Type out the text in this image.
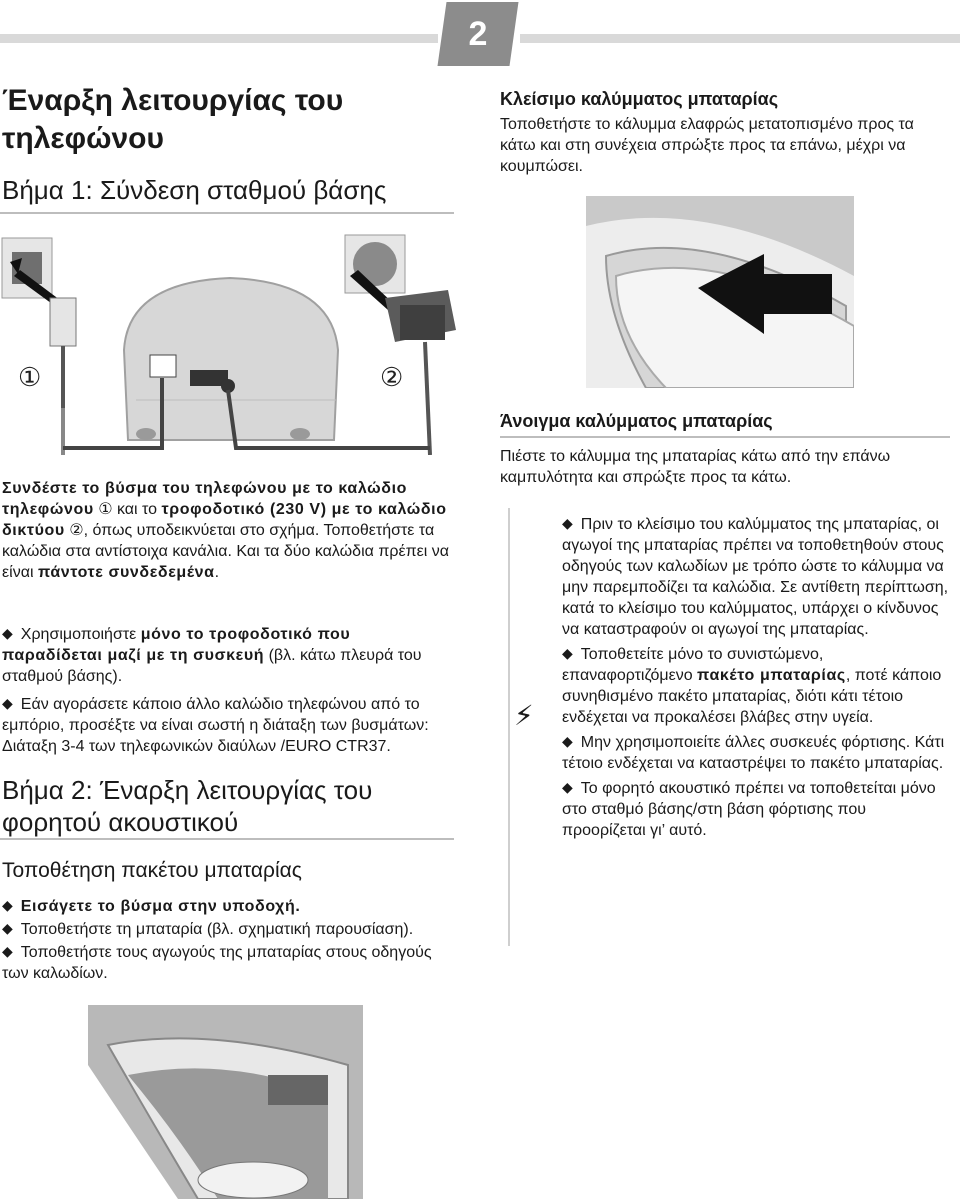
2
Έναρξη λειτουργίας του τηλεφώνου
Βήμα 1: Σύνδεση σταθμού βάσης
①	②
Συνδέστε το βύσμα του τηλεφώνου με το καλώδιο τηλεφώνου ① και το τροφοδοτικό (230 V) με το καλώδιο δικτύου ②, όπως υποδεικνύεται στο σχήμα. Τοποθετήστε τα καλώδια στα αντίστοιχα κανάλια. Και τα δύο καλώδια πρέπει να είναι πάντοτε συνδεδεμένα.
◆ Χρησιμοποιήστε μόνο το τροφοδοτικό που παραδίδεται μαζί με τη συσκευή (βλ. κάτω πλευρά του σταθμού βάσης).
◆ Εάν αγοράσετε κάποιο άλλο καλώδιο τηλεφώνου από το εμπόριο, προσέξτε να είναι σωστή η διάταξη των βυσμάτων: Διάταξη 3-4 των τηλεφωνικών διαύλων /EURO CTR37.
Βήμα 2: Έναρξη λειτουργίας του φορητού ακουστικού
Τοποθέτηση πακέτου μπαταρίας
◆ Εισάγετε το βύσμα στην υποδοχή.
◆ Τοποθετήστε τη μπαταρία (βλ. σχηματική παρουσίαση).
◆ Τοποθετήστε τους αγωγούς της μπαταρίας στους οδηγούς των καλωδίων.
Κλείσιμο καλύμματος μπαταρίας
Τοποθετήστε το κάλυμμα ελαφρώς μετατοπισμένο προς τα κάτω και στη συνέχεια σπρώξτε προς τα επάνω, μέχρι να κουμπώσει.
Άνοιγμα καλύμματος μπαταρίας
Πιέστε το κάλυμμα της μπαταρίας κάτω από την επάνω καμπυλότητα και σπρώξτε προς τα κάτω.
⚡
◆ Πριν το κλείσιμο του καλύμματος της μπαταρίας, οι αγωγοί της μπαταρίας πρέπει να τοποθετηθούν στους οδηγούς των καλωδίων με τρόπο ώστε το κάλυμμα να μην παρεμποδίζει τα καλώδια. Σε αντίθετη περίπτωση, κατά το κλείσιμο του καλύμματος, υπάρχει ο κίνδυνος να καταστραφούν οι αγωγοί της μπαταρίας.
◆ Τοποθετείτε μόνο το συνιστώμενο, επαναφορτιζόμενο πακέτο μπαταρίας, ποτέ κάποιο συνηθισμένο πακέτο μπαταρίας, διότι κάτι τέτοιο ενδέχεται να προκαλέσει βλάβες στην υγεία.
◆ Μην χρησιμοποιείτε άλλες συσκευές φόρτισης. Κάτι τέτοιο ενδέχεται να καταστρέψει το πακέτο μπαταρίας.
◆ Το φορητό ακουστικό πρέπει να τοποθετείται μόνο στο σταθμό βάσης/στη βάση φόρτισης που προορίζεται γι’ αυτό.
